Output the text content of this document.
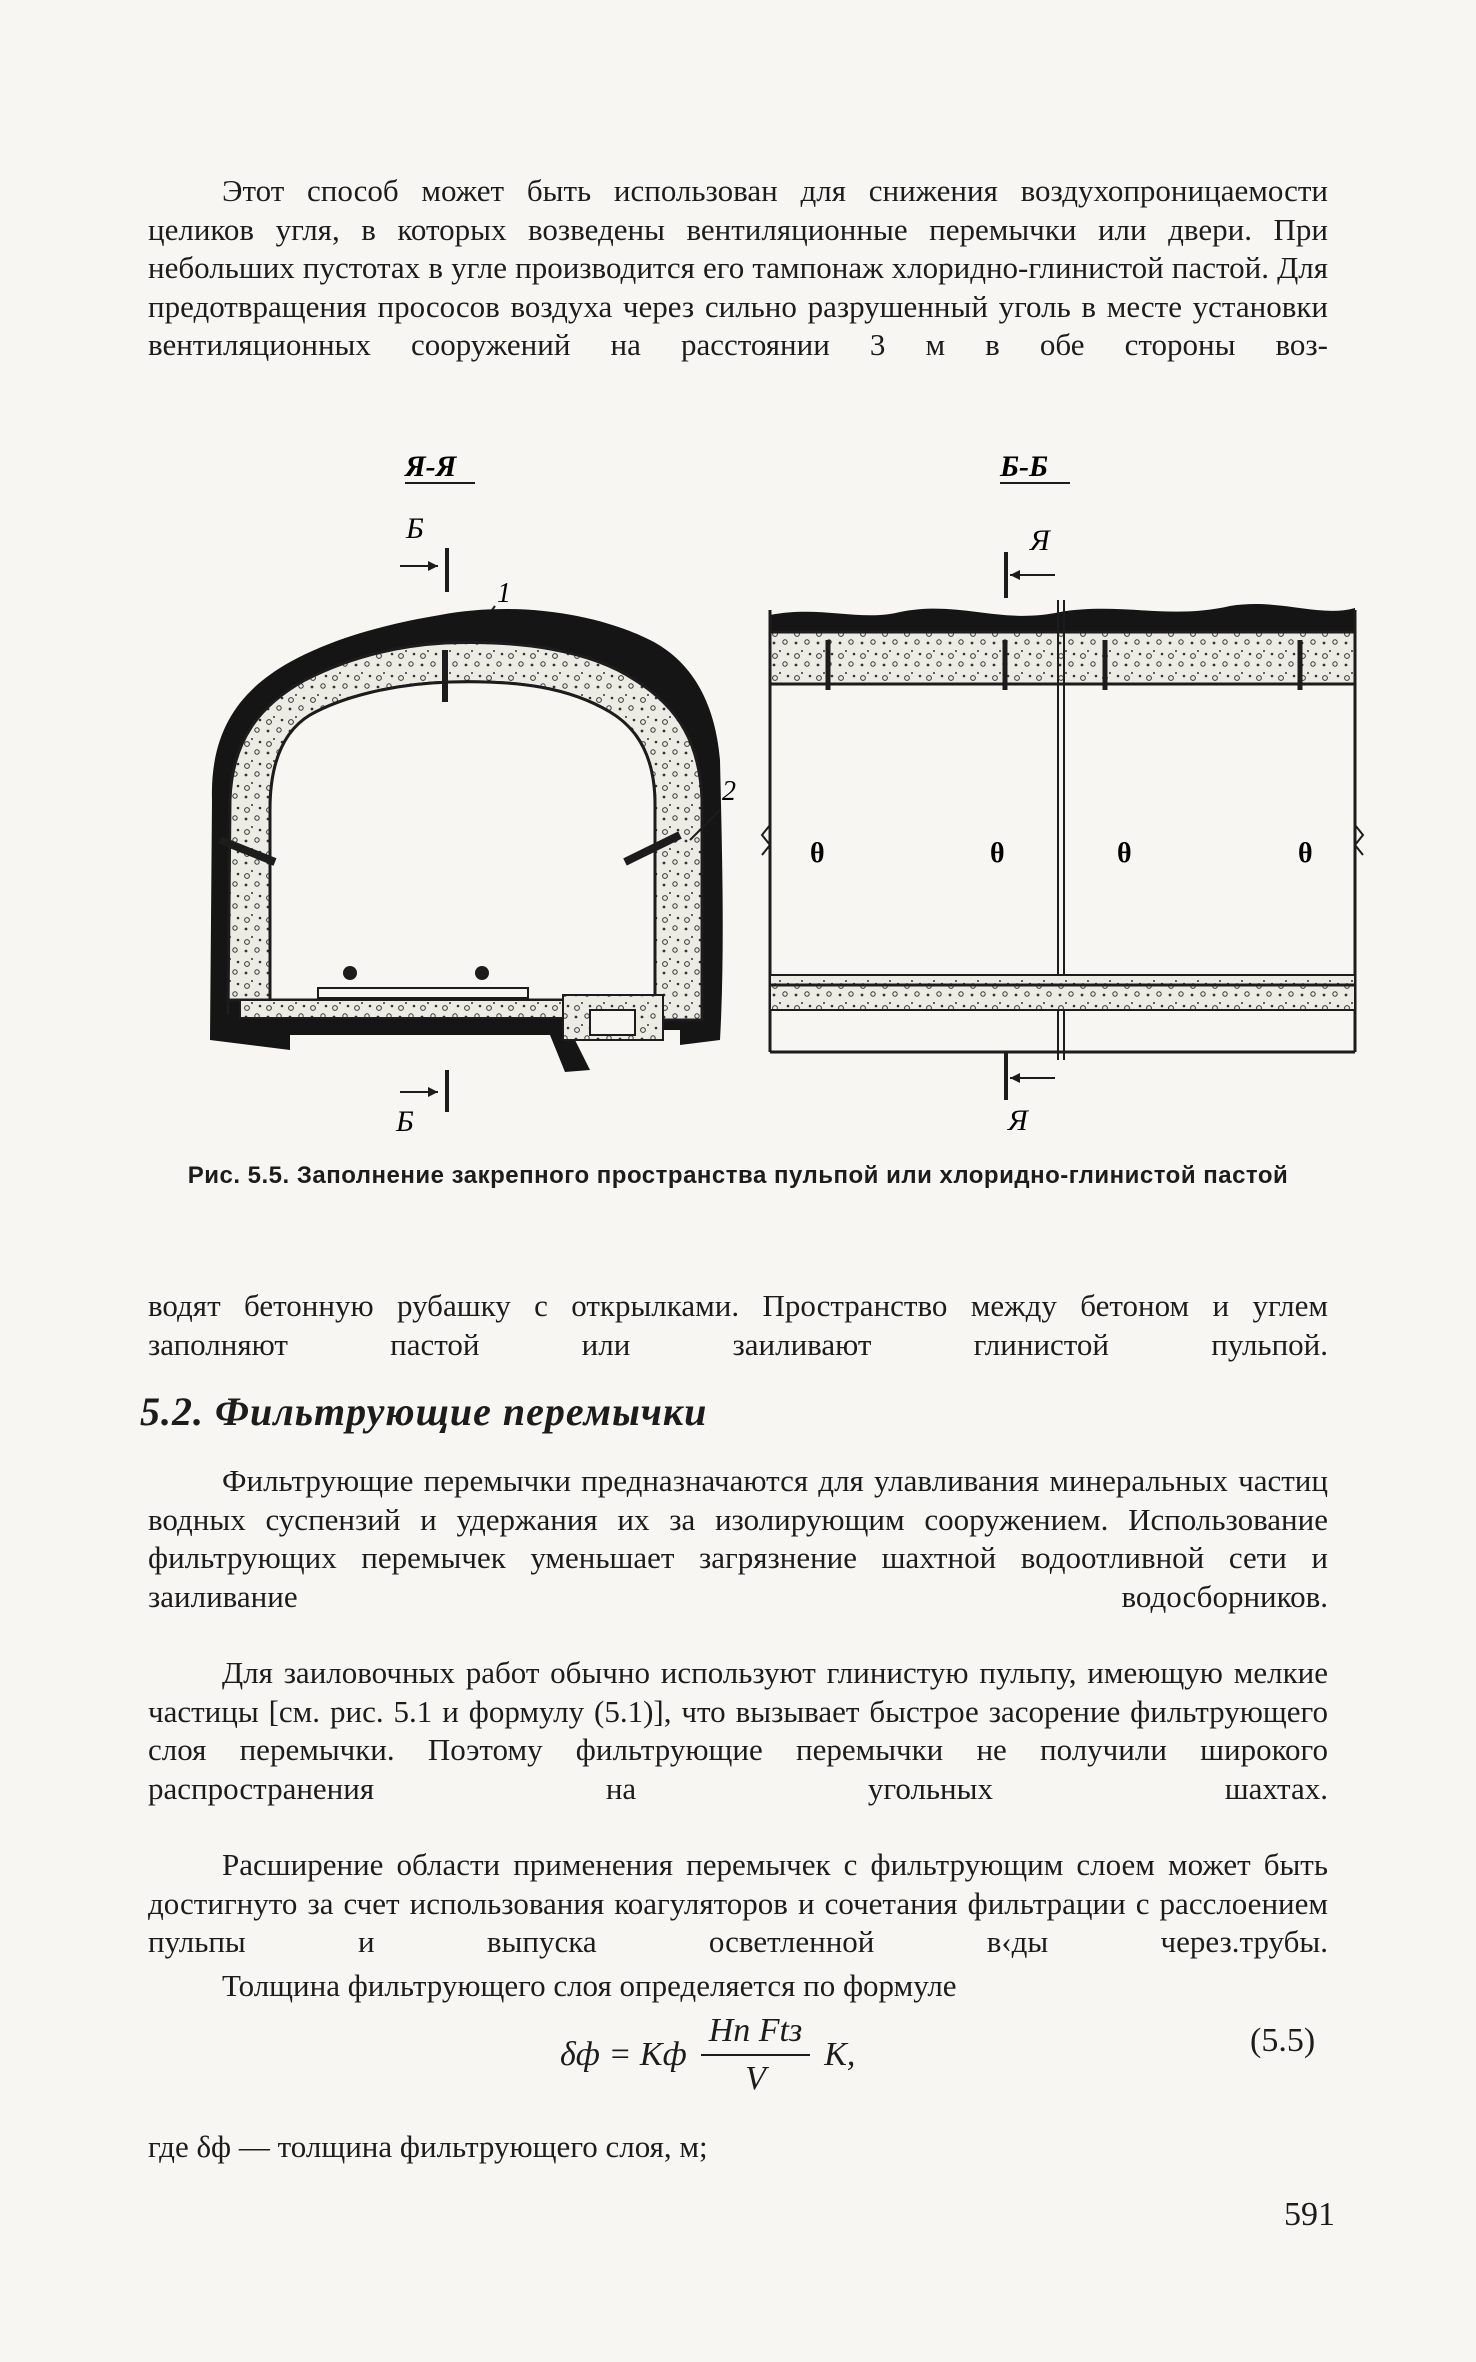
Этот способ может быть использован для снижения воздухопроницаемости целиков угля, в которых возведены вентиляционные перемычки или двери. При небольших пустотах в угле производится его тампонаж хлоридно-глинистой пастой. Для предотвращения прососов воздуха через сильно разрушенный уголь в месте установки вентиляционных сооружений на расстоянии 3 м в обе стороны воз-

Я-Я
Б
1
2
Б
Б-Б
Я
θ	θ	θ	θ
Я

Рис. 5.5. Заполнение закрепного пространства пульпой или хлоридно-глинистой пастой

водят бетонную рубашку с открылками. Пространство между бетоном и углем заполняют пастой или заиливают глинистой пульпой.

5.2. Фильтрующие перемычки

Фильтрующие перемычки предназначаются для улавливания минеральных частиц водных суспензий и удержания их за изолирующим сооружением. Использование фильтрующих перемычек уменьшает загрязнение шахтной водоотливной сети и заиливание водосборников.

Для заиловочных работ обычно используют глинистую пульпу, имеющую мелкие частицы [см. рис. 5.1 и формулу (5.1)], что вызывает быстрое засорение фильтрующего слоя перемычки. Поэтому фильтрующие перемычки не получили широкого распространения на угольных шахтах.

Расширение области применения перемычек с фильтрующим слоем может быть достигнуто за счет использования коагуляторов и сочетания фильтрации с расслоением пульпы и выпуска осветленной в‹ды через.трубы.

Толщина фильтрующего слоя определяется по формуле

δф = Kф $\frac{\text{Hп Ftз}}{V} K$,	(5.5)

где δф — толщина фильтрующего слоя, м;

591
